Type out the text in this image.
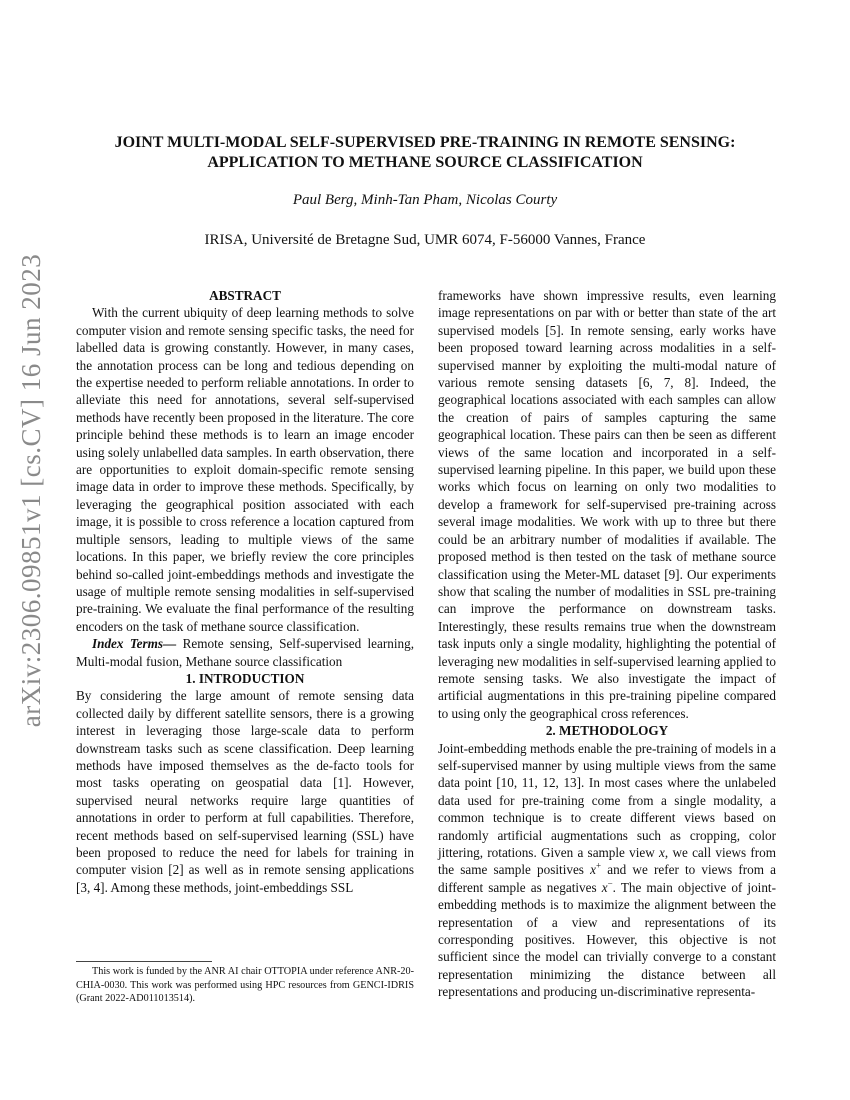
arXiv:2306.09851v1 [cs.CV] 16 Jun 2023
JOINT MULTI-MODAL SELF-SUPERVISED PRE-TRAINING IN REMOTE SENSING:
APPLICATION TO METHANE SOURCE CLASSIFICATION
Paul Berg, Minh-Tan Pham, Nicolas Courty
IRISA, Université de Bretagne Sud, UMR 6074, F-56000 Vannes, France

ABSTRACT

With the current ubiquity of deep learning methods to solve computer vision and remote sensing specific tasks, the need for labelled data is growing constantly. However, in many cases, the annotation process can be long and tedious depending on the expertise needed to perform reliable annotations. In order to alleviate this need for annotations, several self-supervised methods have recently been proposed in the literature. The core principle behind these methods is to learn an image encoder using solely unlabelled data samples. In earth observation, there are opportunities to exploit domain-specific remote sensing image data in order to improve these methods. Specifically, by leveraging the geographical position associated with each image, it is possible to cross reference a location captured from multiple sensors, leading to multiple views of the same locations. In this paper, we briefly review the core principles behind so-called joint-embeddings methods and investigate the usage of multiple remote sensing modalities in self-supervised pre-training. We evaluate the final performance of the resulting encoders on the task of methane source classification.

Index Terms— Remote sensing, Self-supervised learning, Multi-modal fusion, Methane source classification

1. INTRODUCTION

By considering the large amount of remote sensing data collected daily by different satellite sensors, there is a growing interest in leveraging those large-scale data to perform downstream tasks such as scene classification. Deep learning methods have imposed themselves as the de-facto tools for most tasks operating on geospatial data [1]. However, supervised neural networks require large quantities of annotations in order to perform at full capabilities. Therefore, recent methods based on self-supervised learning (SSL) have been proposed to reduce the need for labels for training in computer vision [2] as well as in remote sensing applications [3, 4]. Among these methods, joint-embeddings SSL

frameworks have shown impressive results, even learning image representations on par with or better than state of the art supervised models [5]. In remote sensing, early works have been proposed toward learning across modalities in a self-supervised manner by exploiting the multi-modal nature of various remote sensing datasets [6, 7, 8]. Indeed, the geographical locations associated with each samples can allow the creation of pairs of samples capturing the same geographical location. These pairs can then be seen as different views of the same location and incorporated in a self-supervised learning pipeline. In this paper, we build upon these works which focus on learning on only two modalities to develop a framework for self-supervised pre-training across several image modalities. We work with up to three but there could be an arbitrary number of modalities if available. The proposed method is then tested on the task of methane source classification using the Meter-ML dataset [9]. Our experiments show that scaling the number of modalities in SSL pre-training can improve the performance on downstream tasks. Interestingly, these results remains true when the downstream task inputs only a single modality, highlighting the potential of leveraging new modalities in self-supervised learning applied to remote sensing tasks. We also investigate the impact of artificial augmentations in this pre-training pipeline compared to using only the geographical cross references.

2. METHODOLOGY

Joint-embedding methods enable the pre-training of models in a self-supervised manner by using multiple views from the same data point [10, 11, 12, 13]. In most cases where the unlabeled data used for pre-training come from a single modality, a common technique is to create different views based on randomly artificial augmentations such as cropping, color jittering, rotations. Given a sample view x, we call views from the same sample positives x+ and we refer to views from a different sample as negatives x−. The main objective of joint-embedding methods is to maximize the alignment between the representation of a view and representations of its corresponding positives. However, this objective is not sufficient since the model can trivially converge to a constant representation minimizing the distance between all representations and producing un-discriminative representa-

This work is funded by the ANR AI chair OTTOPIA under reference ANR-20-CHIA-0030. This work was performed using HPC resources from GENCI-IDRIS (Grant 2022-AD011013514).
